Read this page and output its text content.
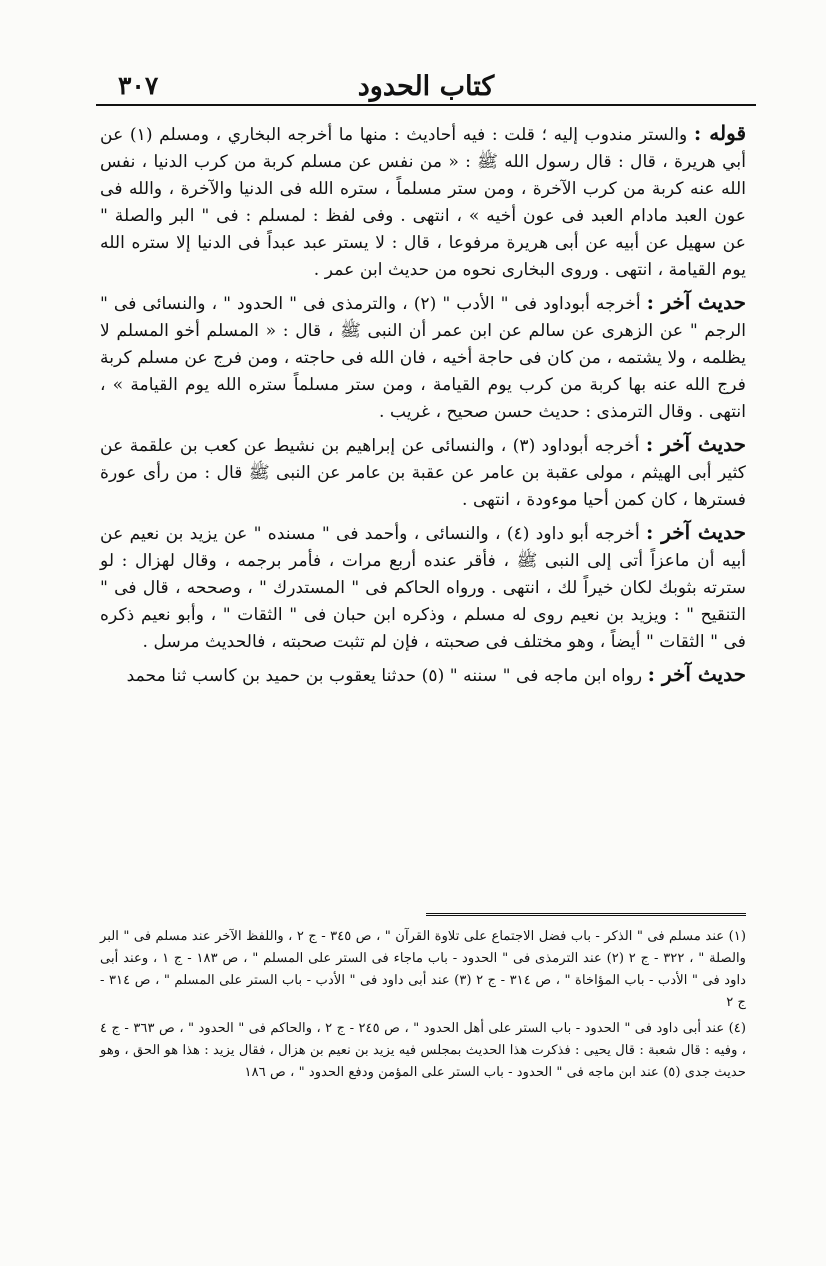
كتاب الحدود
٣٠٧

قوله : والستر مندوب إليه ؛ قلت : فيه أحاديث : منها ما أخرجه البخاري ، ومسلم (١) عن أبي هريرة ، قال : قال رسول الله ﷺ : « من نفس عن مسلم كربة من كرب الدنيا ، نفس الله عنه كربة من كرب الآخرة ، ومن ستر مسلماً ، ستره الله فى الدنيا والآخرة ، والله فى عون العبد مادام العبد فى عون أخيه » ، انتهى . وفى لفظ : لمسلم : فى " البر والصلة " عن سهيل عن أبيه عن أبى هريرة مرفوعا ، قال : لا يستر عبد عبداً فى الدنيا إلا ستره الله يوم القيامة ، انتهى . وروى البخارى نحوه من حديث ابن عمر .

حديث آخر : أخرجه أبوداود فى " الأدب " (٢) ، والترمذى فى " الحدود " ، والنسائى فى " الرجم " عن الزهرى عن سالم عن ابن عمر أن النبى ﷺ ، قال : « المسلم أخو المسلم لا يظلمه ، ولا يشتمه ، من كان فى حاجة أخيه ، فان الله فى حاجته ، ومن فرج عن مسلم كربة فرج الله عنه بها كربة من كرب يوم القيامة ، ومن ستر مسلماً ستره الله يوم القيامة » ، انتهى . وقال الترمذى : حديث حسن صحيح ، غريب .

حديث آخر : أخرجه أبوداود (٣) ، والنسائى عن إبراهيم بن نشيط عن كعب بن علقمة عن كثير أبى الهيثم ، مولى عقبة بن عامر عن عقبة بن عامر عن النبى ﷺ قال : من رأى عورة فسترها ، كان كمن أحيا موءودة ، انتهى .

حديث آخر : أخرجه أبو داود (٤) ، والنسائى ، وأحمد فى " مسنده " عن يزيد بن نعيم عن أبيه أن ماعزاً أتى إلى النبى ﷺ ، فأقر عنده أربع مرات ، فأمر برجمه ، وقال لهزال : لو سترته بثوبك لكان خيراً لك ، انتهى . ورواه الحاكم فى " المستدرك " ، وصححه ، قال فى " التنقيح " : ويزيد بن نعيم روى له مسلم ، وذكره ابن حبان فى " الثقات " ، وأبو نعيم ذكره فى " الثقات " أيضاً ، وهو مختلف فى صحبته ، فإن لم تثبت صحبته ، فالحديث مرسل .

حديث آخر : رواه ابن ماجه فى " سننه " (٥) حدثنا يعقوب بن حميد بن كاسب ثنا محمد

(١) عند مسلم فى " الذكر - باب فضل الاجتماع على تلاوة القرآن " ، ص ٣٤٥ - ج ٢ ، واللفظ الآخر عند مسلم فى " البر والصلة " ، ٣٢٢ - ج ٢ (٢) عند الترمذى فى " الحدود - باب ماجاء فى الستر على المسلم " ، ص ١٨٣ - ج ١ ، وعند أبى داود فى " الأدب - باب المؤاخاة " ، ص ٣١٤ - ج ٢ (٣) عند أبى داود فى " الأدب - باب الستر على المسلم " ، ص ٣١٤ - ج ٢

(٤) عند أبى داود فى " الحدود - باب الستر على أهل الحدود " ، ص ٢٤٥ - ج ٢ ، والحاكم فى " الحدود " ، ص ٣٦٣ - ج ٤ ، وفيه : قال شعبة : قال يحيى : فذكرت هذا الحديث بمجلس فيه يزيد بن نعيم بن هزال ، فقال يزيد : هذا هو الحق ، وهو حديث جدى (٥) عند ابن ماجه فى " الحدود - باب الستر على المؤمن ودفع الحدود " ، ص ١٨٦
